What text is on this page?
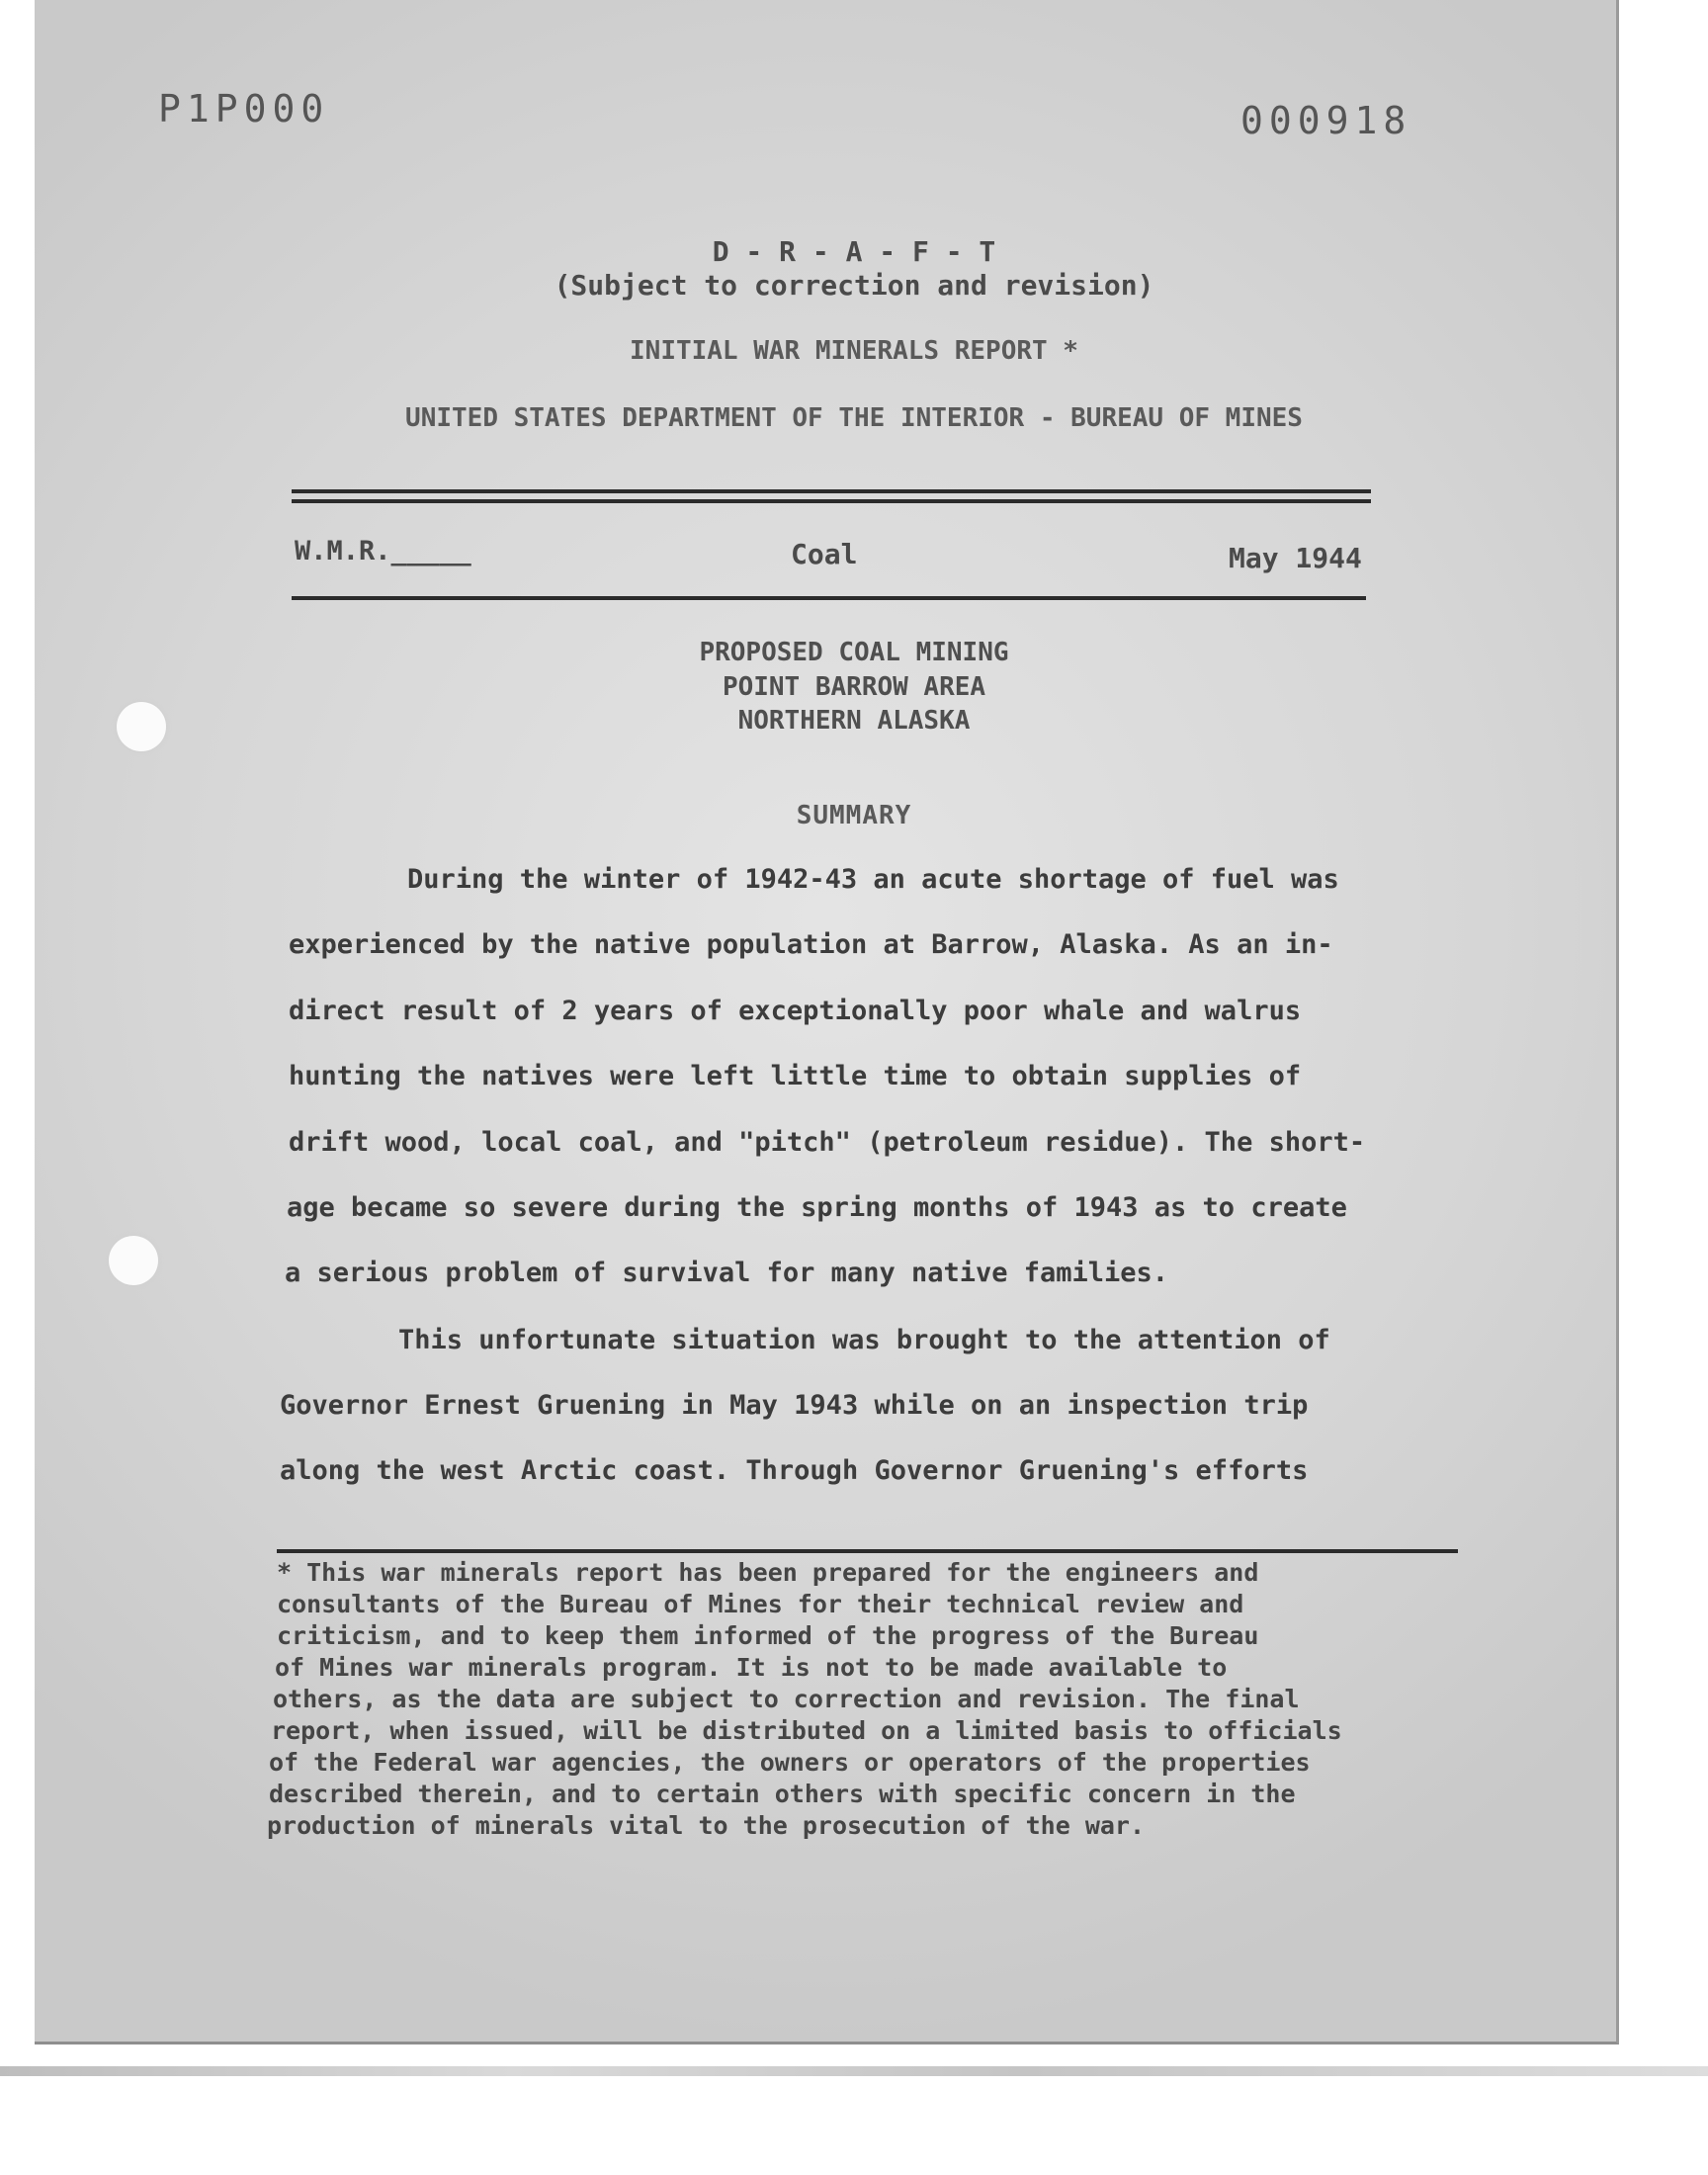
P1P000	000918
D - R - A - F - T
(Subject to correction and revision)
INITIAL WAR MINERALS REPORT *
UNITED STATES DEPARTMENT OF THE INTERIOR - BUREAU OF MINES
W.M.R._____	Coal	May 1944
PROPOSED COAL MINING
POINT BARROW AREA
NORTHERN ALASKA
SUMMARY
During the winter of 1942-43 an acute shortage of fuel was
experienced by the native population at Barrow, Alaska. As an in-
direct result of 2 years of exceptionally poor whale and walrus
hunting the natives were left little time to obtain supplies of
drift wood, local coal, and "pitch" (petroleum residue). The short-
age became so severe during the spring months of 1943 as to create
a serious problem of survival for many native families.
This unfortunate situation was brought to the attention of
Governor Ernest Gruening in May 1943 while on an inspection trip
along the west Arctic coast. Through Governor Gruening's efforts
* This war minerals report has been prepared for the engineers and
consultants of the Bureau of Mines for their technical review and
criticism, and to keep them informed of the progress of the Bureau
of Mines war minerals program. It is not to be made available to
others, as the data are subject to correction and revision. The final
report, when issued, will be distributed on a limited basis to officials
of the Federal war agencies, the owners or operators of the properties
described therein, and to certain others with specific concern in the
production of minerals vital to the prosecution of the war.
